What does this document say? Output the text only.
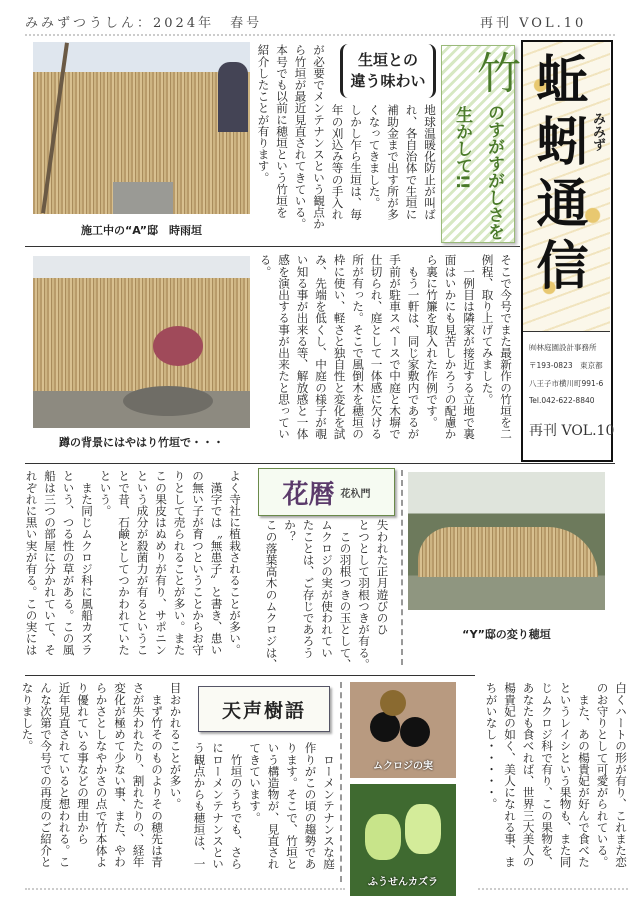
みみずつうしん：2024年　春号	再刊 VOL.10
施工中の“A”邸　時雨垣
蹲の背景にはやはり竹垣で・・・
生垣との
違う味わい
地球温暖化防止が叫ば
れ、各自治体で生垣に
補助金まで出す所が多
くなってきました。
しかし乍ら生垣は、毎
年の刈込み等の手入れ
が必要でメンテナンスという観点か
ら竹垣が最近見直されてきている。
本号でも以前に穂垣という竹垣を
紹介したことが有ります。	竹
のすがすがしさを
生かして!!
そこで今号でまた最新作の竹垣を二
例程、取り上げてみました。
　一例目は隣家が接近する立地で裏
面はいかにも見苦しかろうの配慮か
ら裏に竹簾を取入れた作例です。
　もう一軒は、同じ家敷内であるが
手前が駐車スペースで中庭と木塀で
仕切られ、庭として一体感に欠ける
所が有った。そこで風倒木を穂垣の
枠に使い、軽さと独自性と変化を試
み、先端を低くし、中庭の様子が覗
い知る事が出来る等、解放感と一体
感を演出する事が出来たと思ってい
る。	蚯蚓通信 みみず
㈲林庭園設計事務所
〒193-0823　東京都
八王子市横川町991-6
Tel.042-622-8840
再刊 VOL.10
花暦 花杁門
失われた正月遊びのひ
とつとして羽根つきが有る。
　この羽根つきの玉として、
ムクロジの実が使われてい
たことは、ご存じであろう
か？
この落葉高木のムクロジは、
よく寺社に植栽されることが多い。
　漢字では〝無患子〟と書き、患い
の無い子が育つということからお守
りとして売られることが多い。また
この果皮はぬめりが有り、サポニン
という成分が殺菌力が有るというこ
とで昔、石鹸としてつかわれていた
という。
　また同じムクロジ科に風船カズラ
という、つる性の草がある。この風
船は三つの部屋に分かれていて、そ
れぞれに黒い実が有る。この実には	“Y”邸の変り穂垣
白くハートの形が有り、これまた恋
のお守りとして可愛がられている。
　また、あの楊貴妃が好んで食べた
というレイシという果物も、また同
じムクロジ科で有り、この果物を、
あなたも食べれば、世界三大美人の
楊貴妃の如く、美人になれる事、ま
ちがいなし・・・・・。
ムクロジの実
ふうせんカズラ
天声樹語
　ローメンテナンスな庭
作りがこの頃の趨勢であ
ります。そこで、竹垣と
いう構造物が、見直され
てきています。
　竹垣のうちでも、さら
にローメンテナンスとい
う観点からも穂垣は、一
目おかれることが多い。
　まず竹そのものよりその穂先は青
さが失われたり、割れたりの、経年
変化が極めて少ない事、また、やわ
らかさとしなやかさの点で竹本体よ
り優れている事などの理由から
近年見直されていると想われる。こ
んな次第で今号での再度のご紹介と
なりました。
